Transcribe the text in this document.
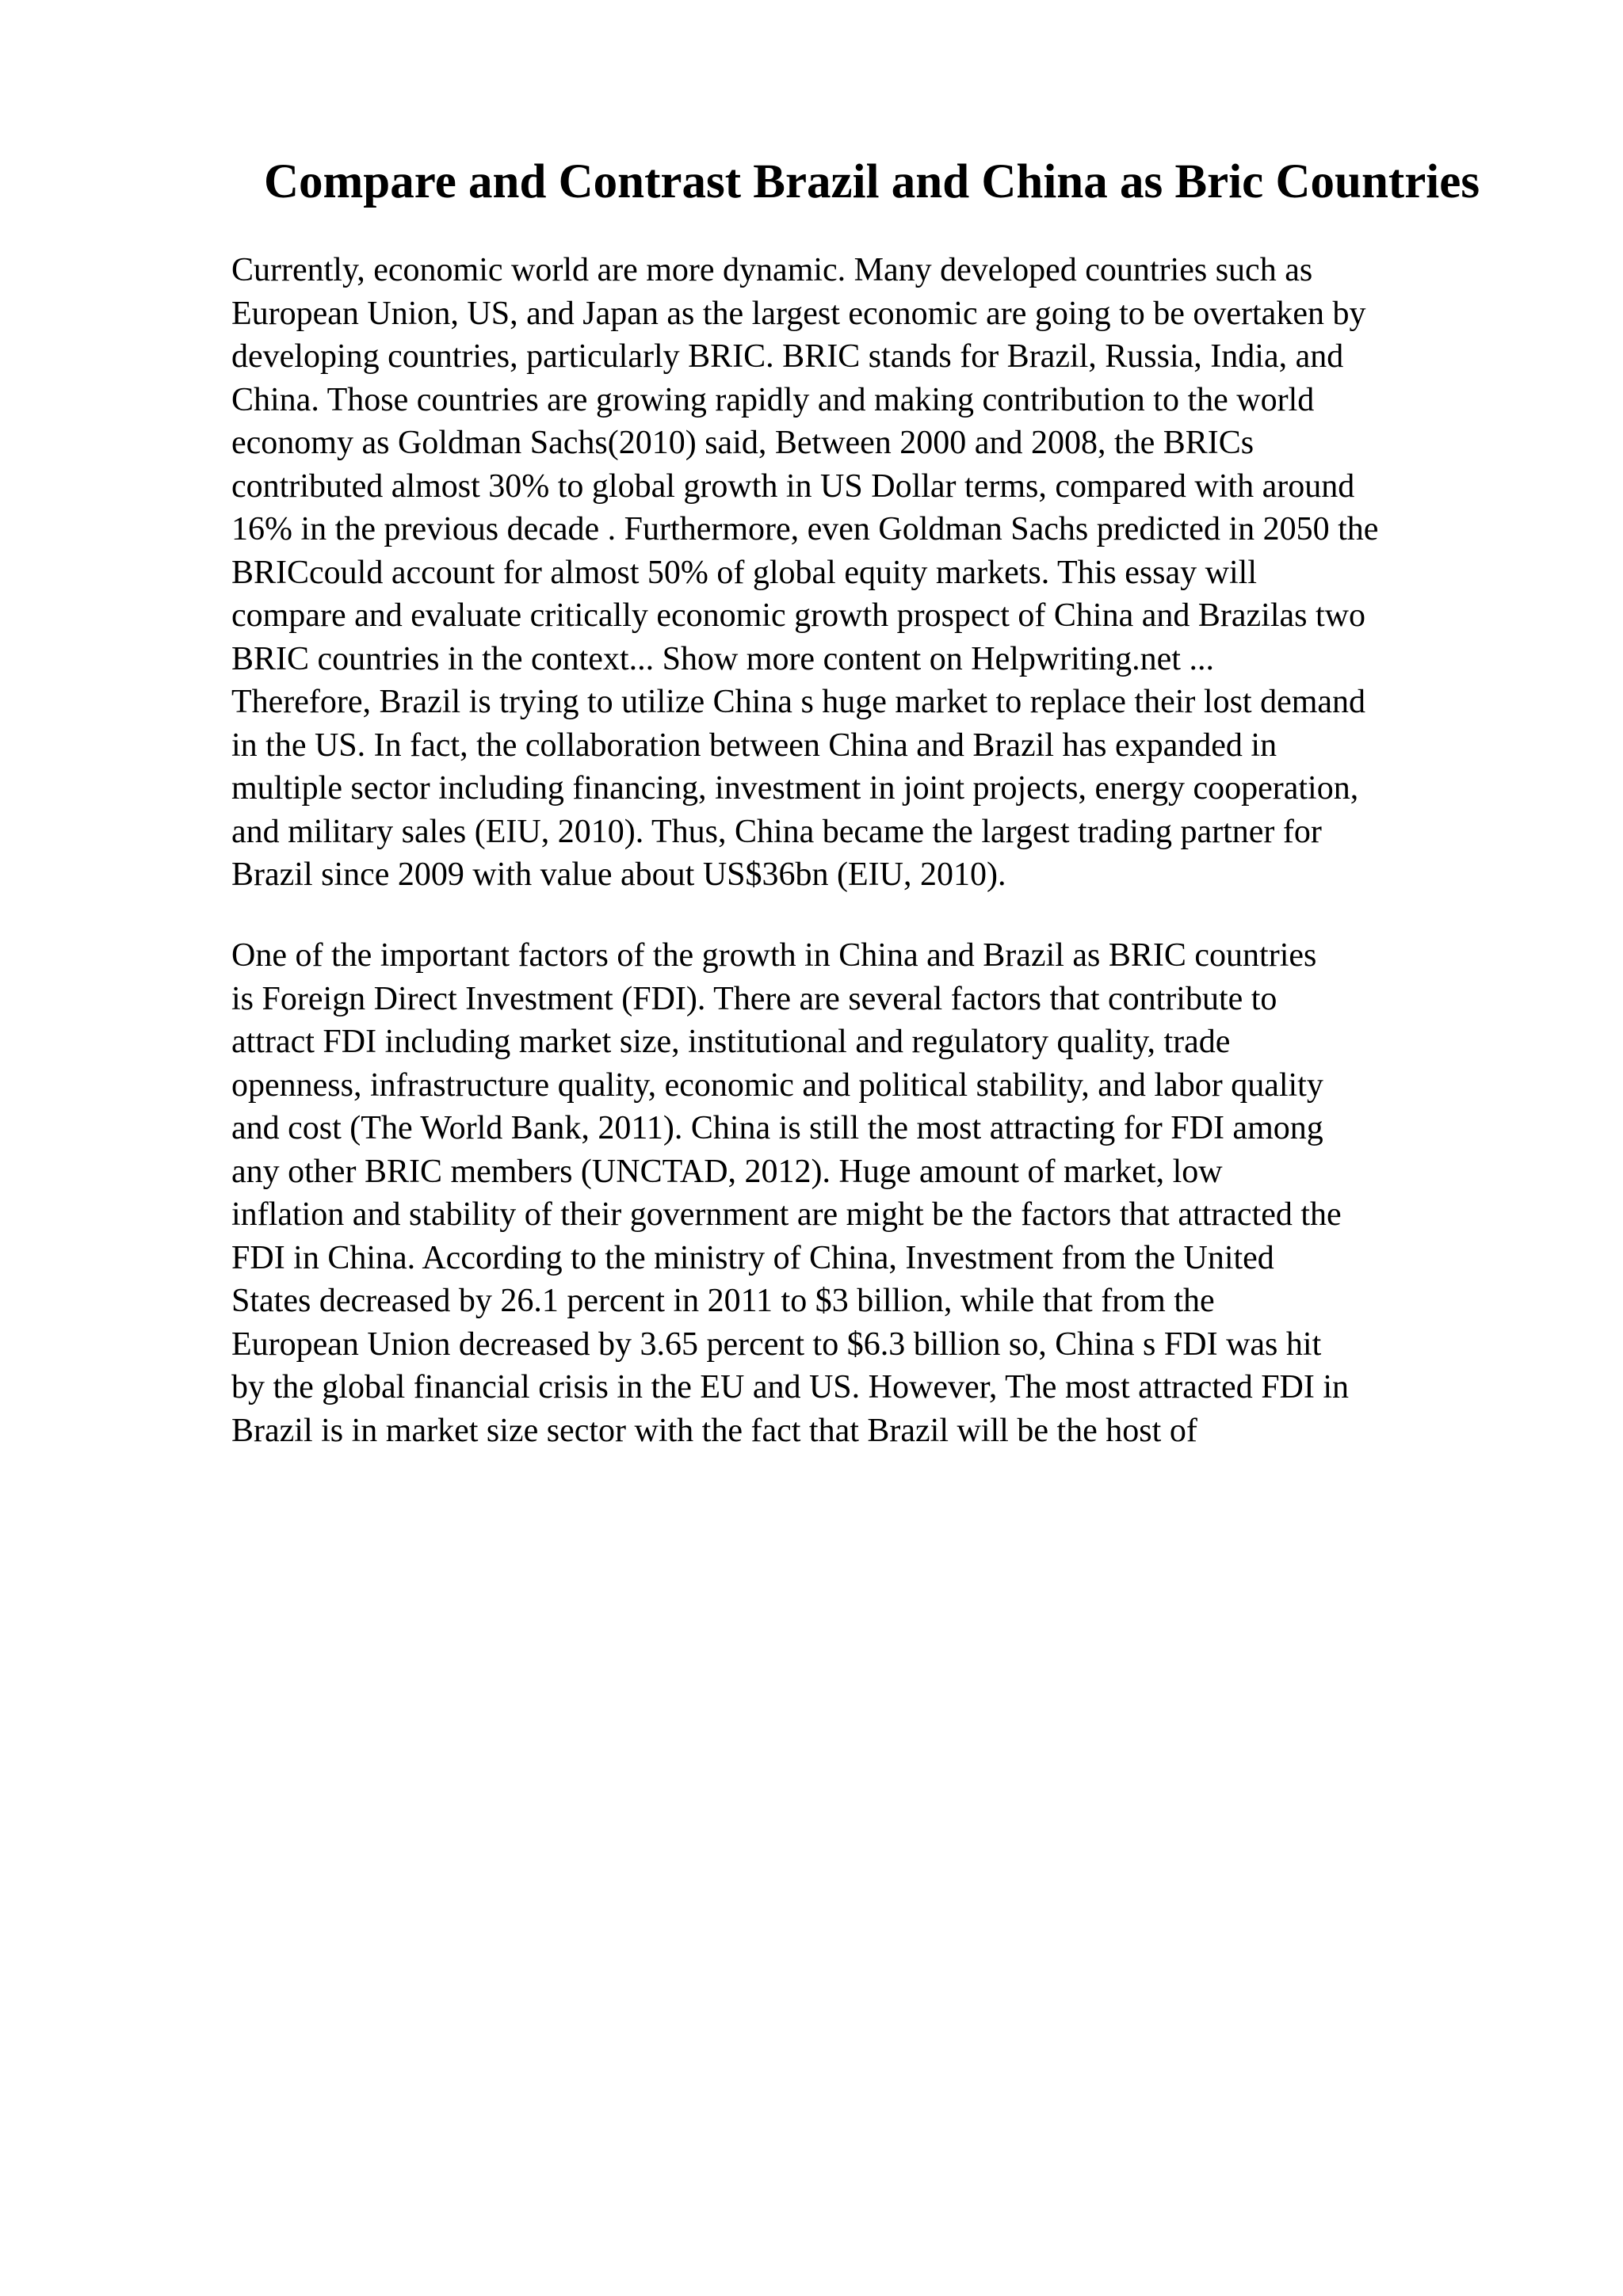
Compare and Contrast Brazil and China as Bric Countries
Currently, economic world are more dynamic. Many developed countries such as
European Union, US, and Japan as the largest economic are going to be overtaken by
developing countries, particularly BRIC. BRIC stands for Brazil, Russia, India, and
China. Those countries are growing rapidly and making contribution to the world
economy as Goldman Sachs(2010) said, Between 2000 and 2008, the BRICs
contributed almost 30% to global growth in US Dollar terms, compared with around
16% in the previous decade . Furthermore, even Goldman Sachs predicted in 2050 the
BRICcould account for almost 50% of global equity markets. This essay will
compare and evaluate critically economic growth prospect of China and Brazilas two
BRIC countries in the context... Show more content on Helpwriting.net ...
Therefore, Brazil is trying to utilize China s huge market to replace their lost demand
in the US. In fact, the collaboration between China and Brazil has expanded in
multiple sector including financing, investment in joint projects, energy cooperation,
and military sales (EIU, 2010). Thus, China became the largest trading partner for
Brazil since 2009 with value about US$36bn (EIU, 2010).
One of the important factors of the growth in China and Brazil as BRIC countries
is Foreign Direct Investment (FDI). There are several factors that contribute to
attract FDI including market size, institutional and regulatory quality, trade
openness, infrastructure quality, economic and political stability, and labor quality
and cost (The World Bank, 2011). China is still the most attracting for FDI among
any other BRIC members (UNCTAD, 2012). Huge amount of market, low
inflation and stability of their government are might be the factors that attracted the
FDI in China. According to the ministry of China, Investment from the United
States decreased by 26.1 percent in 2011 to $3 billion, while that from the
European Union decreased by 3.65 percent to $6.3 billion so, China s FDI was hit
by the global financial crisis in the EU and US. However, The most attracted FDI in
Brazil is in market size sector with the fact that Brazil will be the host of
